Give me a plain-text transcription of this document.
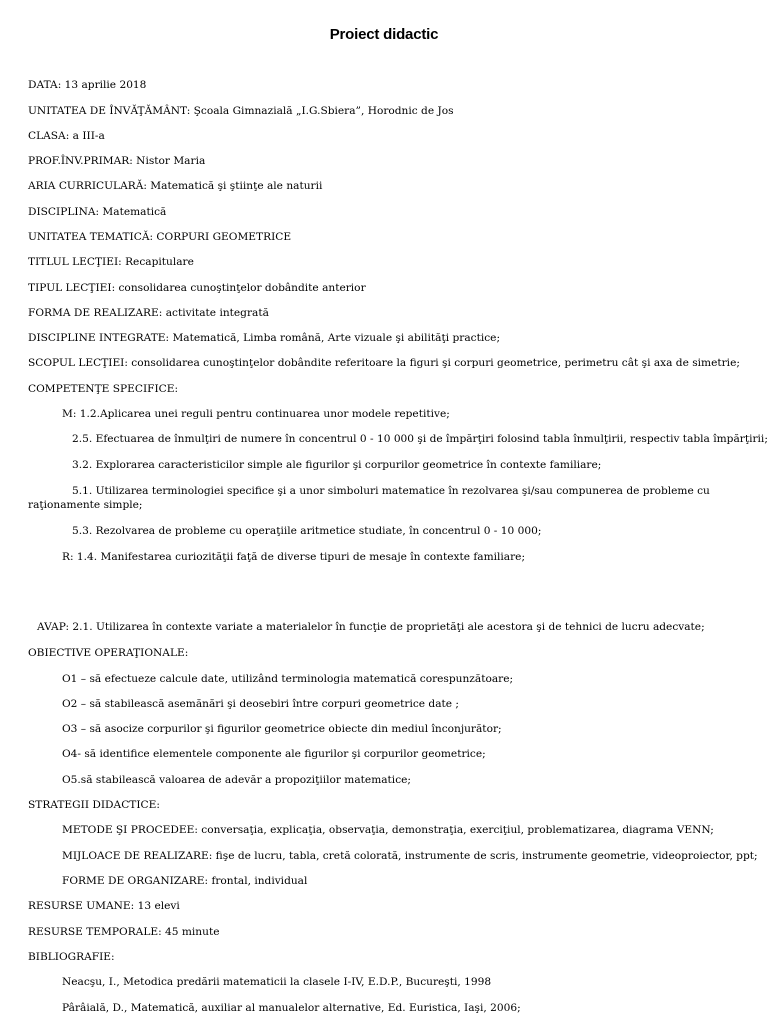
Proiect didactic
DATA: 13 aprilie 2018
UNITATEA DE ÎNVĂŢĂMÂNT: Şcoala Gimnazială „I.G.Sbiera”, Horodnic de Jos
CLASA: a III-a
PROF.ÎNV.PRIMAR: Nistor Maria
ARIA CURRICULARĂ: Matematică şi ştiinţe ale naturii
DISCIPLINA: Matematică
UNITATEA TEMATICĂ: CORPURI GEOMETRICE
TITLUL LECŢIEI: Recapitulare
TIPUL LECŢIEI: consolidarea cunoştinţelor dobândite anterior
FORMA DE REALIZARE: activitate integrată
DISCIPLINE INTEGRATE: Matematică, Limba română, Arte vizuale şi abilităţi practice;
SCOPUL LECŢIEI: consolidarea cunoştinţelor dobândite referitoare la figuri şi corpuri geometrice, perimetru cât şi axa de simetrie;
COMPETENŢE SPECIFICE:
M: 1.2.Aplicarea unei reguli pentru continuarea unor modele repetitive;
2.5. Efectuarea de înmulţiri de numere în concentrul 0 - 10 000 şi de împărţiri folosind tabla înmulţirii, respectiv tabla împărţirii;
3.2. Explorarea caracteristicilor simple ale figurilor şi corpurilor geometrice în contexte familiare;
5.1. Utilizarea terminologiei specifice şi a unor simboluri matematice în rezolvarea şi/sau compunerea de probleme cu raţionamente simple;
5.3. Rezolvarea de probleme cu operaţiile aritmetice studiate, în concentrul 0 - 10 000;
R: 1.4. Manifestarea curiozităţii faţă de diverse tipuri de mesaje în contexte familiare;
AVAP: 2.1. Utilizarea în contexte variate a materialelor în funcţie de proprietăţi ale acestora şi de tehnici de lucru adecvate;
OBIECTIVE OPERAŢIONALE:
O1 – să efectueze calcule date, utilizând terminologia matematică corespunzătoare;
O2 – să stabilească asemănări şi deosebiri între corpuri geometrice date ;
O3 – să asocize corpurilor şi figurilor geometrice obiecte din mediul înconjurător;
O4- să identifice elementele componente ale figurilor şi corpurilor geometrice;
O5.să stabilească valoarea de adevăr a propoziţiilor matematice;
STRATEGII DIDACTICE:
METODE ŞI PROCEDEE: conversaţia, explicaţia, observaţia, demonstraţia, exerciţiul, problematizarea, diagrama VENN;
MIJLOACE DE REALIZARE: fişe de lucru, tabla, cretă colorată, instrumente de scris, instrumente geometrie, videoproiector, ppt;
FORME DE ORGANIZARE: frontal, individual
RESURSE UMANE: 13 elevi
RESURSE TEMPORALE: 45 minute
BIBLIOGRAFIE:
Neacşu, I., Metodica predării matematicii la clasele I-IV, E.D.P., Bucureşti, 1998
Pârâială, D., Matematică, auxiliar al manualelor alternative, Ed. Euristica, Iaşi, 2006;
